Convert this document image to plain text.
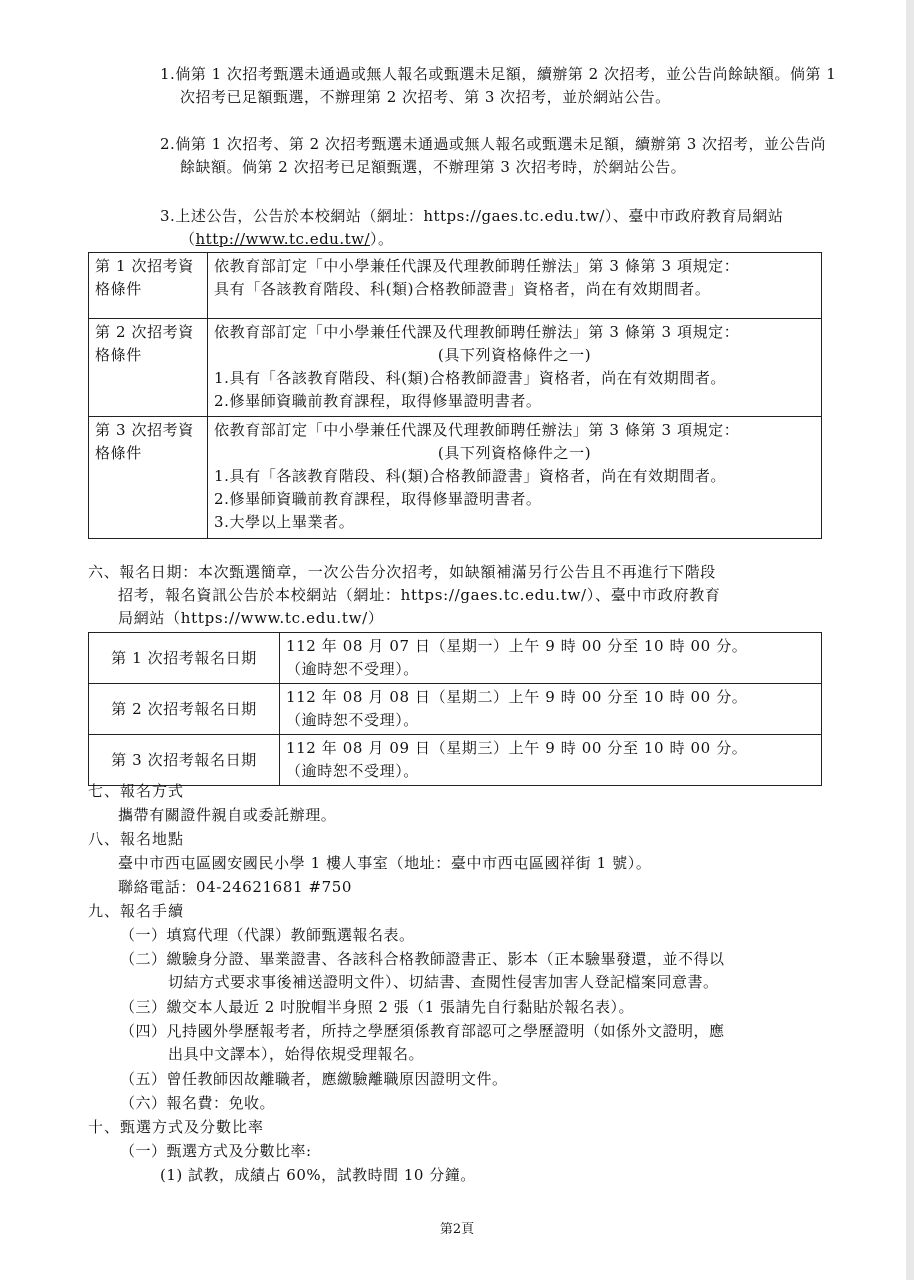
1.倘第 1 次招考甄選未通過或無人報名或甄選未足額，續辦第 2 次招考，並公告尚餘缺額。倘第 1 次招考已足額甄選，不辦理第 2 次招考、第 3 次招考，並於網站公告。
2.倘第 1 次招考、第 2 次招考甄選未通過或無人報名或甄選未足額，續辦第 3 次招考，並公告尚餘缺額。倘第 2 次招考已足額甄選，不辦理第 3 次招考時，於網站公告。
3.上述公告，公告於本校網站（網址：https://gaes.tc.edu.tw/）、臺中市政府教育局網站（http://www.tc.edu.tw/）。
第 1 次招考資格條件	依教育部訂定「中小學兼任代課及代理教師聘任辦法」第 3 條第 3 項規定：
具有「各該教育階段、科(類)合格教師證書」資格者，尚在有效期間者。

第 2 次招考資格條件	依教育部訂定「中小學兼任代課及代理教師聘任辦法」第 3 條第 3 項規定：
(具下列資格條件之一)
1.具有「各該教育階段、科(類)合格教師證書」資格者，尚在有效期間者。
2.修畢師資職前教育課程，取得修畢證明書者。

第 3 次招考資格條件	依教育部訂定「中小學兼任代課及代理教師聘任辦法」第 3 條第 3 項規定：
(具下列資格條件之一)
1.具有「各該教育階段、科(類)合格教師證書」資格者，尚在有效期間者。
2.修畢師資職前教育課程，取得修畢證明書者。
3.大學以上畢業者。
六、報名日期：本次甄選簡章，一次公告分次招考，如缺額補滿另行公告且不再進行下階段
招考，報名資訊公告於本校網站（網址：https://gaes.tc.edu.tw/）、臺中市政府教育
局網站（https://www.tc.edu.tw/）
第 1 次招考報名日期	112 年 08 月 07 日（星期一）上午 9 時 00 分至 10 時 00 分。
（逾時恕不受理）。

第 2 次招考報名日期	112 年 08 月 08 日（星期二）上午 9 時 00 分至 10 時 00 分。
（逾時恕不受理）。

第 3 次招考報名日期	112 年 08 月 09 日（星期三）上午 9 時 00 分至 10 時 00 分。
（逾時恕不受理）。
七、報名方式
攜帶有關證件親自或委託辦理。
八、報名地點
臺中市西屯區國安國民小學 1 樓人事室（地址：臺中市西屯區國祥街 1 號）。
聯絡電話：04-24621681 #750
九、報名手續
（一）填寫代理（代課）教師甄選報名表。
（二）繳驗身分證、畢業證書、各該科合格教師證書正、影本（正本驗畢發還，並不得以
切結方式要求事後補送證明文件）、切結書、查閱性侵害加害人登記檔案同意書。
（三）繳交本人最近 2 吋脫帽半身照 2 張（1 張請先自行黏貼於報名表）。
（四）凡持國外學歷報考者，所持之學歷須係教育部認可之學歷證明（如係外文證明，應
出具中文譯本），始得依規受理報名。
（五）曾任教師因故離職者，應繳驗離職原因證明文件。
（六）報名費：免收。
十、甄選方式及分數比率
（一）甄選方式及分數比率:
(1) 試教，成績占 60%，試教時間 10 分鐘。
第2頁
